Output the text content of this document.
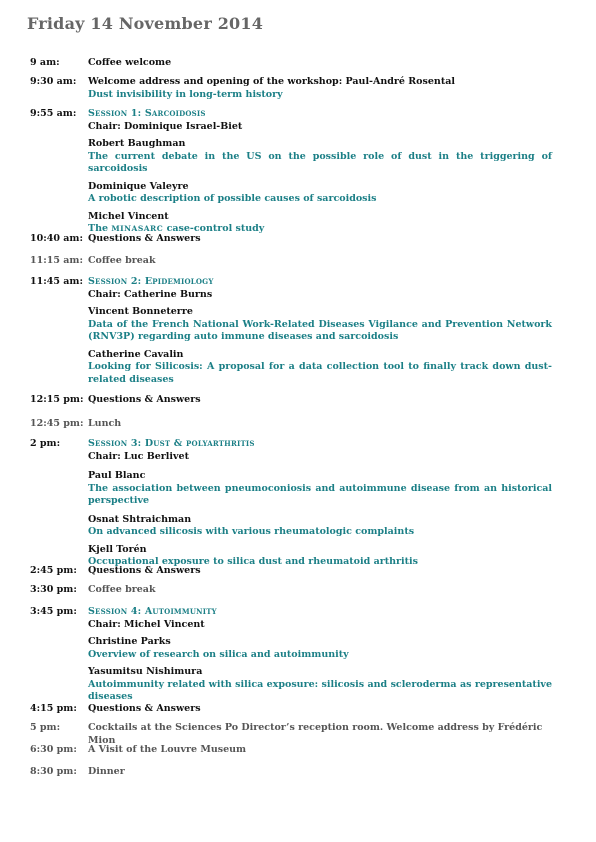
Friday 14 November 2014
9 am:	Coffee welcome
9:30 am: Welcome address and opening of the workshop: Paul-André Rosental
Dust invisibility in long-term history
9:55 am: Session 1: Sarcoidosis
Chair: Dominique Israel-Biet
Robert Baughman
The current debate in the US on the possible role of dust in the triggering of sarcoidosis
Dominique Valeyre
A robotic description of possible causes of sarcoidosis
Michel Vincent
The MINASARC case-control study
10:40 am: Questions & Answers
11:15 am: Coffee break
11:45 am: Session 2: Epidemiology
Chair: Catherine Burns
Vincent Bonneterre
Data of the French National Work-Related Diseases Vigilance and Prevention Network (RNV3P) regarding auto immune diseases and sarcoidosis
Catherine Cavalin
Looking for Silicosis: A proposal for a data collection tool to finally track down dust-related diseases
12:15 pm: Questions & Answers
12:45 pm: Lunch
2 pm:	Session 3: Dust & polyarthritis
Chair: Luc Berlivet
Paul Blanc
The association between pneumoconiosis and autoimmune disease from an historical perspective
Osnat Shtraichman
On advanced silicosis with various rheumatologic complaints
Kjell Torén
Occupational exposure to silica dust and rheumatoid arthritis
2:45 pm: Questions & Answers
3:30 pm: Coffee break
3:45 pm: Session 4: Autoimmunity
Chair: Michel Vincent
Christine Parks
Overview of research on silica and autoimmunity
Yasumitsu Nishimura
Autoimmunity related with silica exposure: silicosis and scleroderma as representative diseases
4:15 pm: Questions & Answers
5 pm:	Cocktails at the Sciences Po Director’s reception room. Welcome address by Frédéric Mion
6:30 pm: A Visit of the Louvre Museum
8:30 pm: Dinner
